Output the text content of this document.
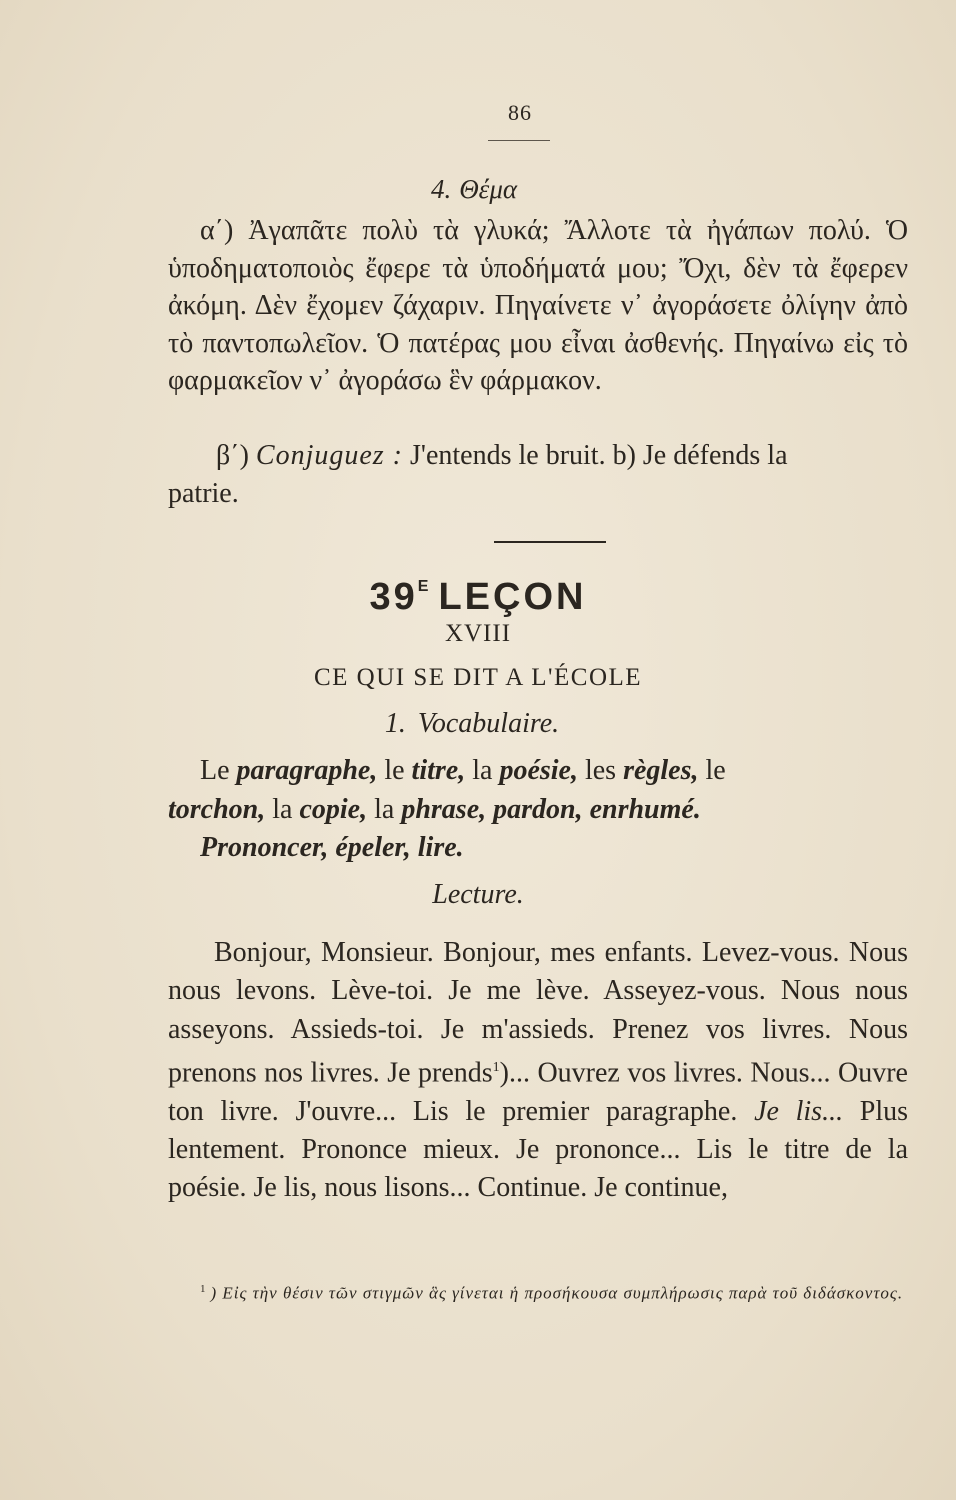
86
4. Θέμα
α΄) Ἀγαπᾶτε πολὺ τὰ γλυκά; Ἄλλοτε τὰ ἠγάπων πολύ. Ὁ ὑποδηματοποιὸς ἔφερε τὰ ὑποδήματά μου; Ὄχι, δὲν τὰ ἔφερεν ἀκόμη. Δὲν ἔχομεν ζάχαριν. Πηγαίνετε ν᾿ ἀγοράσετε ὀλίγην ἀπὸ τὸ παντοπωλεῖον. Ὁ πατέρας μου εἶναι ἀσθενής. Πηγαίνω εἰς τὸ φαρμακεῖον ν᾿ ἀγοράσω ἓν φάρμακον.
β΄) Conjuguez : J'entends le bruit. b) Je défends la
patrie.
$39^E$ LEÇON
XVIII
CE QUI SE DIT A L'ÉCOLE
1. Vocabulaire.
Le paragraphe, le titre, la poésie, les règles, le
torchon, la copie, la phrase, pardon, enrhumé.
Prononcer, épeler, lire.
Lecture.
Bonjour, Monsieur. Bonjour, mes enfants. Levez-vous. Nous nous levons. Lève-toi. Je me lève. Asseyez-vous. Nous nous asseyons. Assieds-toi. Je m'assieds. Prenez vos livres. Nous prenons nos livres. Je prends$^1$)... Ouvrez vos livres. Nous... Ouvre ton livre. J'ouvre... Lis le premier paragraphe. Je lis... Plus lentement. Prononce mieux. Je prononce... Lis le titre de la poésie. Je lis, nous lisons... Continue. Je continue,
$^1$ ) Εἰς τὴν θέσιν τῶν στιγμῶν ἃς γίνεται ἡ προσήκουσα συμπλήρωσις παρὰ τοῦ διδάσκοντος.
